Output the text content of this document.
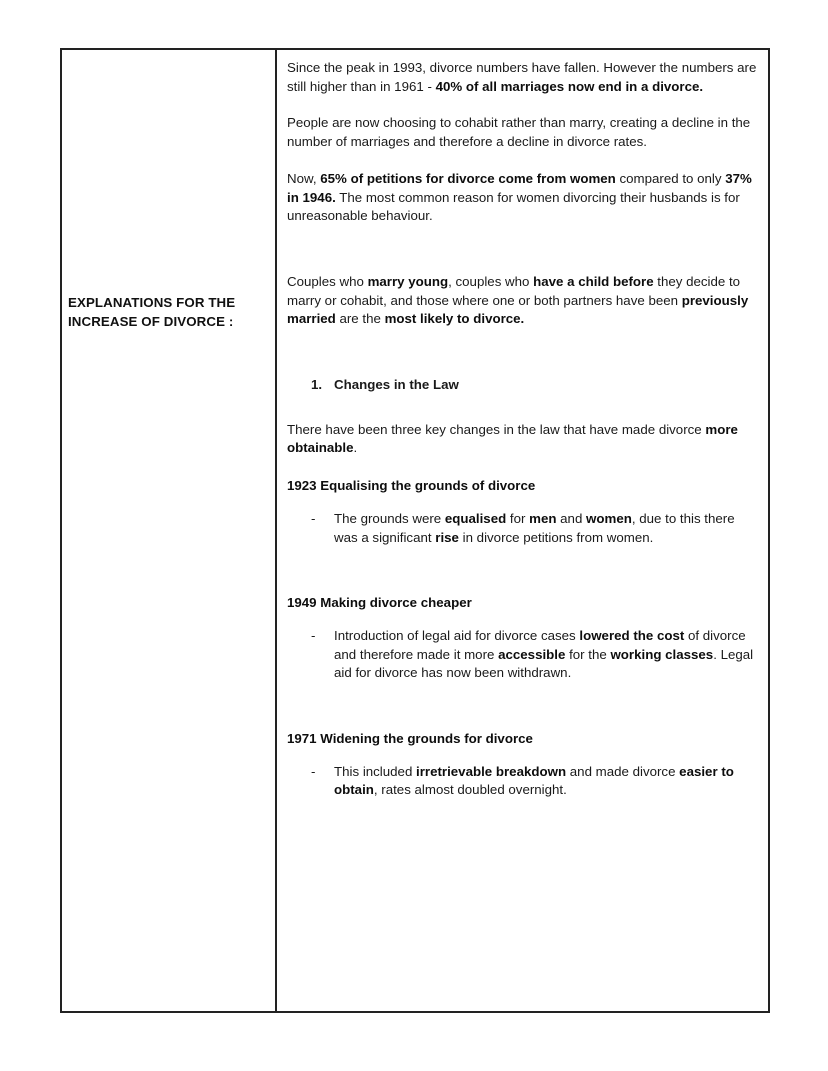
EXPLANATIONS FOR THE
INCREASE OF DIVORCE :

Since the peak in 1993, divorce numbers have fallen. However the numbers are still higher than in 1961 - 40% of all marriages now end in a divorce.

People are now choosing to cohabit rather than marry, creating a decline in the number of marriages and therefore a decline in divorce rates.

Now, 65% of petitions for divorce come from women compared to only 37% in 1946. The most common reason for women divorcing their husbands is for unreasonable behaviour.

Couples who marry young, couples who have a child before they decide to marry or cohabit, and those where one or both partners have been previously married are the most likely to divorce.

1. Changes in the Law

There have been three key changes in the law that have made divorce more obtainable.

1923 Equalising the grounds of divorce
-	The grounds were equalised for men and women, due to this there was a significant rise in divorce petitions from women.
1949 Making divorce cheaper
-	Introduction of legal aid for divorce cases lowered the cost of divorce and therefore made it more accessible for the working classes. Legal aid for divorce has now been withdrawn.
1971 Widening the grounds for divorce
-	This included irretrievable breakdown and made divorce easier to obtain, rates almost doubled overnight.
